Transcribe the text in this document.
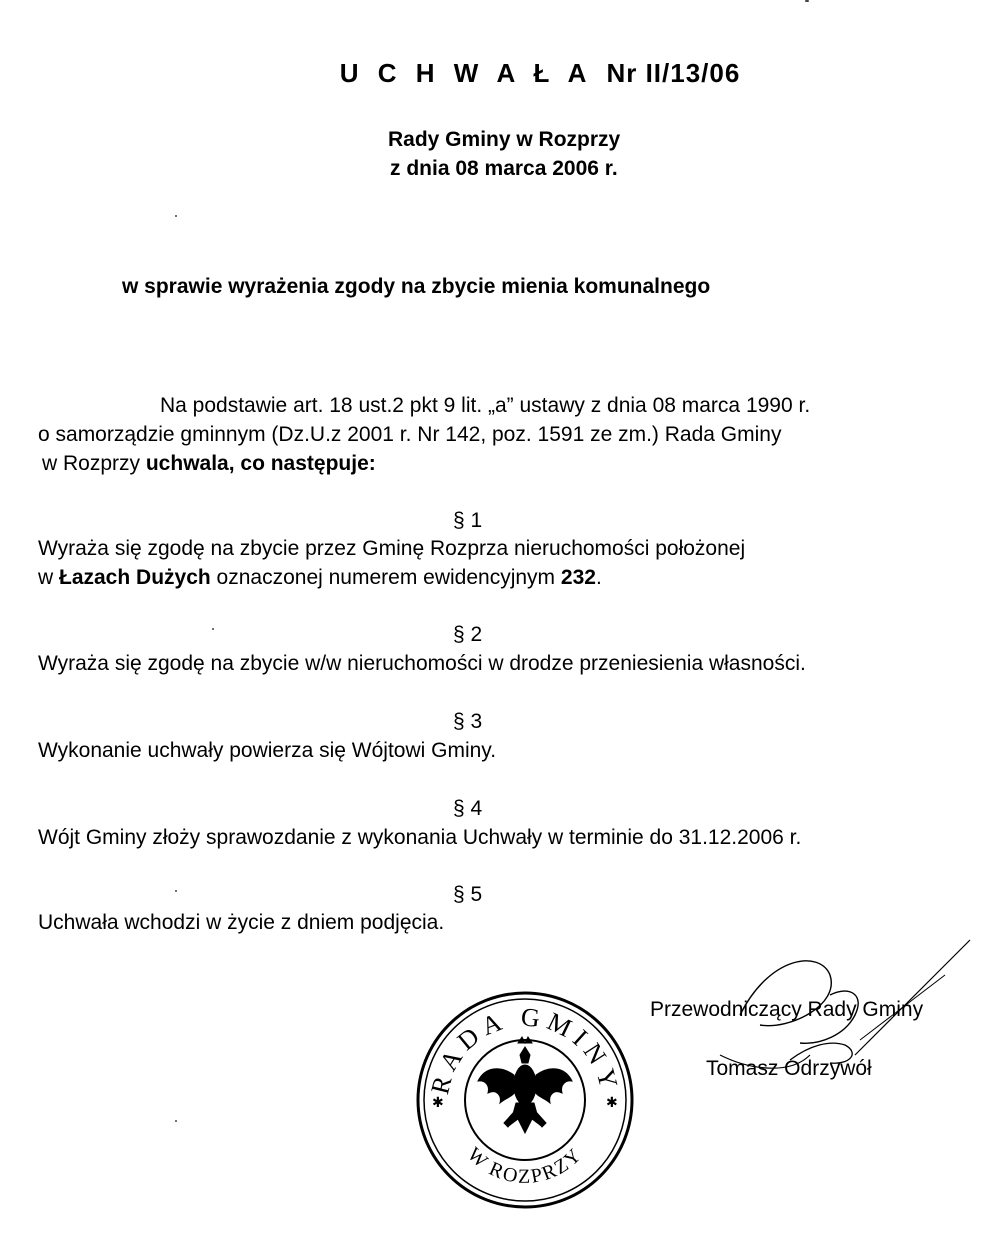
U C H W A Ł A Nr II/13/06
Rady Gminy w Rozprzy
z dnia 08 marca 2006 r.
w sprawie wyrażenia zgody na zbycie mienia komunalnego
Na podstawie art. 18 ust.2 pkt 9 lit. „a” ustawy z dnia 08 marca 1990 r.
o samorządzie gminnym (Dz.U.z 2001 r. Nr 142, poz. 1591 ze zm.) Rada Gminy
w Rozprzy uchwala, co następuje:
§ 1
Wyraża się zgodę na zbycie przez Gminę Rozprza nieruchomości położonej
w Łazach Dużych oznaczonej numerem ewidencyjnym 232.
§ 2
Wyraża się zgodę na zbycie w/w nieruchomości w drodze przeniesienia własności.
§ 3
Wykonanie uchwały powierza się Wójtowi Gminy.
§ 4
Wójt Gminy złoży sprawozdanie z wykonania Uchwały w terminie do 31.12.2006 r.
§ 5
Uchwała wchodzi w życie z dniem podjęcia.
Przewodniczący Rady Gminy
Tomasz Odrzywół
RADA GMINY
W ROZPRZY
✱	✱
